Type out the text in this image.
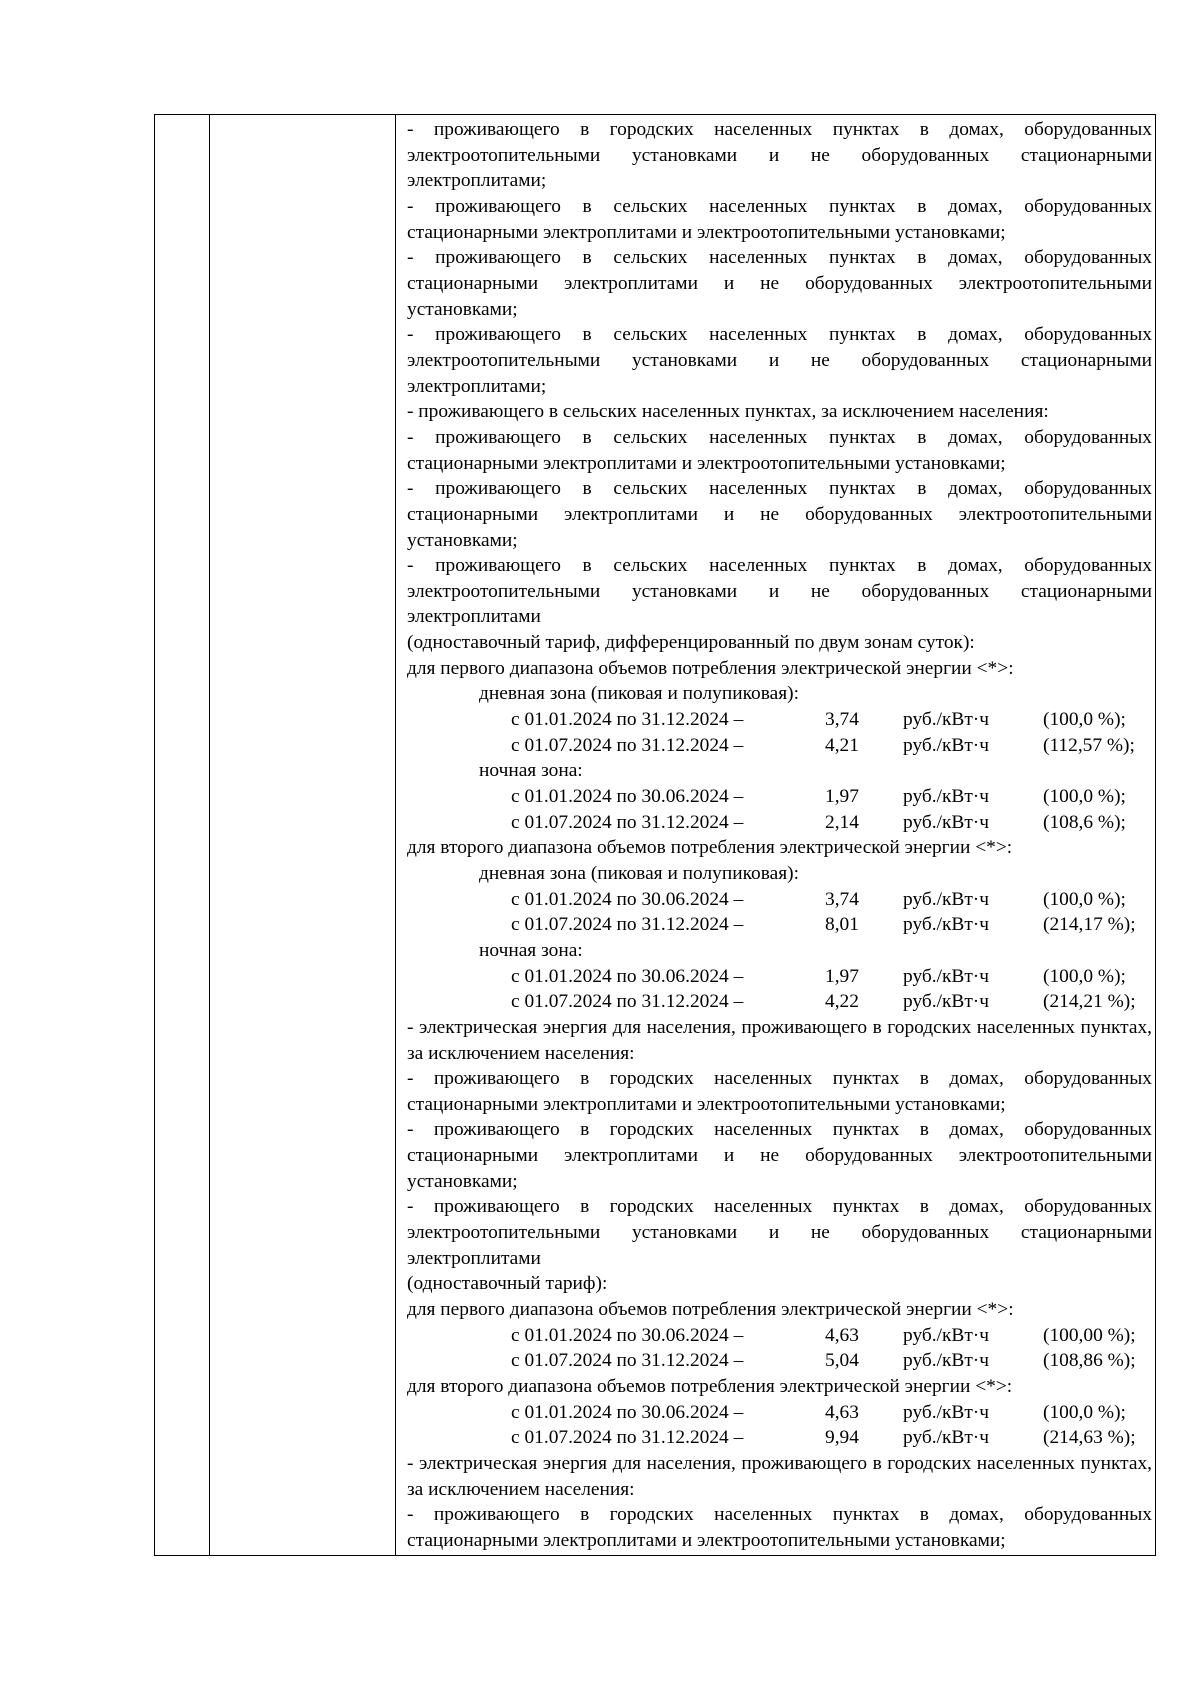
- проживающего в городских населенных пунктах в домах, оборудованных электроотопительными установками и не оборудованных стационарными электроплитами;
- проживающего в сельских населенных пунктах в домах, оборудованных стационарными электроплитами и электроотопительными установками;
- проживающего в сельских населенных пунктах в домах, оборудованных стационарными электроплитами и не оборудованных электроотопительными установками;
- проживающего в сельских населенных пунктах в домах, оборудованных электроотопительными установками и не оборудованных стационарными электроплитами;
- проживающего в сельских населенных пунктах, за исключением населения:
- проживающего в сельских населенных пунктах в домах, оборудованных стационарными электроплитами и электроотопительными установками;
- проживающего в сельских населенных пунктах в домах, оборудованных стационарными электроплитами и не оборудованных электроотопительными установками;
- проживающего в сельских населенных пунктах в домах, оборудованных электроотопительными установками и не оборудованных стационарными электроплитами
(одноставочный тариф, дифференцированный по двум зонам суток):
для первого диапазона объемов потребления электрической энергии <*>:
дневная зона (пиковая и полупиковая):
с 01.01.2024 по 31.12.2024 –	3,74 руб./кВт·ч	(100,0 %);
с 01.07.2024 по 31.12.2024 –	4,21 руб./кВт·ч	(112,57 %);
ночная зона:
с 01.01.2024 по 30.06.2024 –	1,97 руб./кВт·ч	(100,0 %);
с 01.07.2024 по 31.12.2024 –	2,14 руб./кВт·ч	(108,6 %);
для второго диапазона объемов потребления электрической энергии <*>:
дневная зона (пиковая и полупиковая):
с 01.01.2024 по 30.06.2024 –	3,74 руб./кВт·ч	(100,0 %);
с 01.07.2024 по 31.12.2024 –	8,01 руб./кВт·ч	(214,17 %);
ночная зона:
с 01.01.2024 по 30.06.2024 –	1,97 руб./кВт·ч	(100,0 %);
с 01.07.2024 по 31.12.2024 –	4,22 руб./кВт·ч	(214,21 %);
- электрическая энергия для населения, проживающего в городских населенных пунктах, за исключением населения:
- проживающего в городских населенных пунктах в домах, оборудованных стационарными электроплитами и электроотопительными установками;
- проживающего в городских населенных пунктах в домах, оборудованных стационарными электроплитами и не оборудованных электроотопительными установками;
- проживающего в городских населенных пунктах в домах, оборудованных электроотопительными установками и не оборудованных стационарными электроплитами
(одноставочный тариф):
для первого диапазона объемов потребления электрической энергии <*>:
с 01.01.2024 по 30.06.2024 –	4,63 руб./кВт·ч	(100,00 %);
с 01.07.2024 по 31.12.2024 –	5,04 руб./кВт·ч	(108,86 %);
для второго диапазона объемов потребления электрической энергии <*>:
с 01.01.2024 по 30.06.2024 –	4,63 руб./кВт·ч	(100,0 %);
с 01.07.2024 по 31.12.2024 –	9,94 руб./кВт·ч	(214,63 %);
- электрическая энергия для населения, проживающего в городских населенных пунктах, за исключением населения:
- проживающего в городских населенных пунктах в домах, оборудованных стационарными электроплитами и электроотопительными установками;
